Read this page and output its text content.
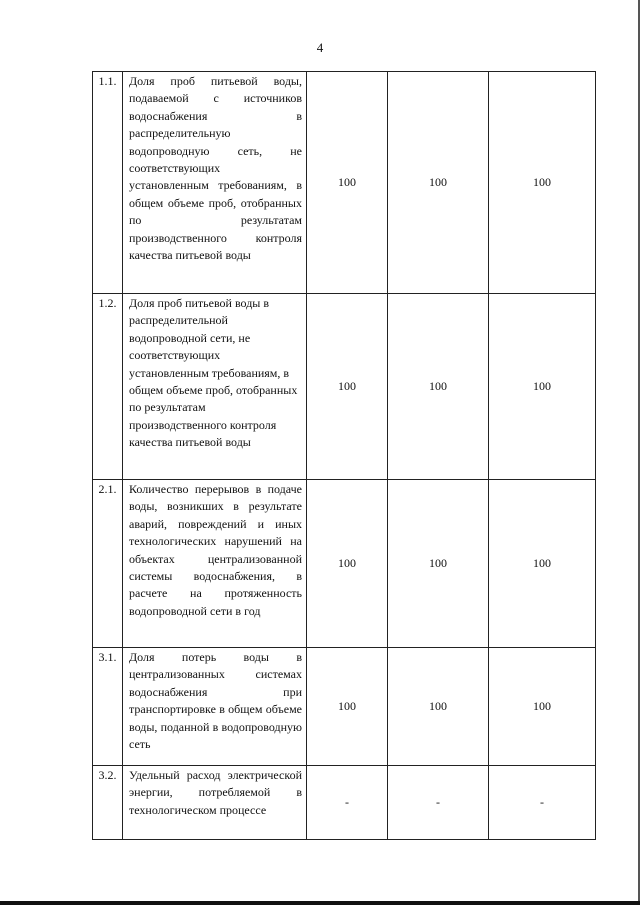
4
1.1.	Доля проб питьевой воды, подаваемой с источников водоснабжения в распределительную водопроводную сеть, не соответствующих установленным требованиям, в общем объеме проб, отобранных по результатам производственного контроля качества питьевой воды	100	100	100
1.2.	Доля проб питьевой воды в распределительной водопроводной сети, не соответствующих установленным требованиям, в общем объеме проб, отобранных по результатам производственного контроля качества питьевой воды	100	100	100
2.1.	Количество перерывов в подаче воды, возникших в результате аварий, повреждений и иных технологических нарушений на объектах централизованной системы водоснабжения, в расчете на протяженность водопроводной сети в год	100	100	100
3.1.	Доля потерь воды в централизованных системах водоснабжения при транспортировке в общем объеме воды, поданной в водопроводную сеть	100	100	100
3.2.	Удельный расход электрической энергии, потребляемой в технологическом процессе	-	-	-
